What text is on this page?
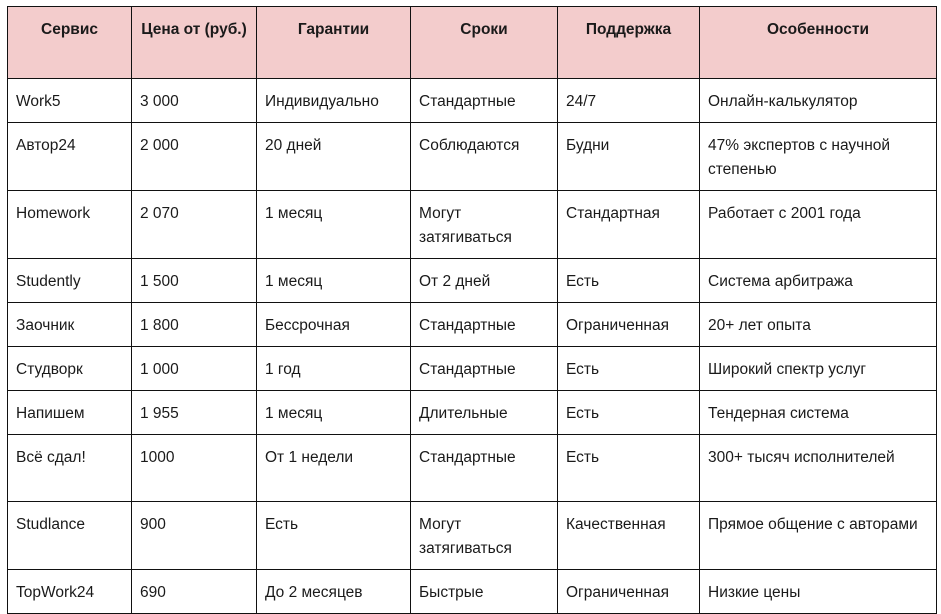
Сервис	Цена от (руб.)	Гарантии	Сроки	Поддержка	Особенности
Work5	3 000	Индивидуально	Стандартные	24/7	Онлайн-калькулятор
Автор24	2 000	20 дней	Соблюдаются	Будни	47% экспертов с научной степенью
Homework	2 070	1 месяц	Могут затягиваться	Стандартная	Работает с 2001 года
Studently	1 500	1 месяц	От 2 дней	Есть	Система арбитража
Заочник	1 800	Бессрочная	Стандартные	Ограниченная	20+ лет опыта
Студворк	1 000	1 год	Стандартные	Есть	Широкий спектр услуг
Напишем	1 955	1 месяц	Длительные	Есть	Тендерная система
Всё сдал!	1000	От 1 недели	Стандартные	Есть	300+ тысяч исполнителей
Studlance	900	Есть	Могут затягиваться	Качественная	Прямое общение с авторами
TopWork24	690	До 2 месяцев	Быстрые	Ограниченная	Низкие цены
